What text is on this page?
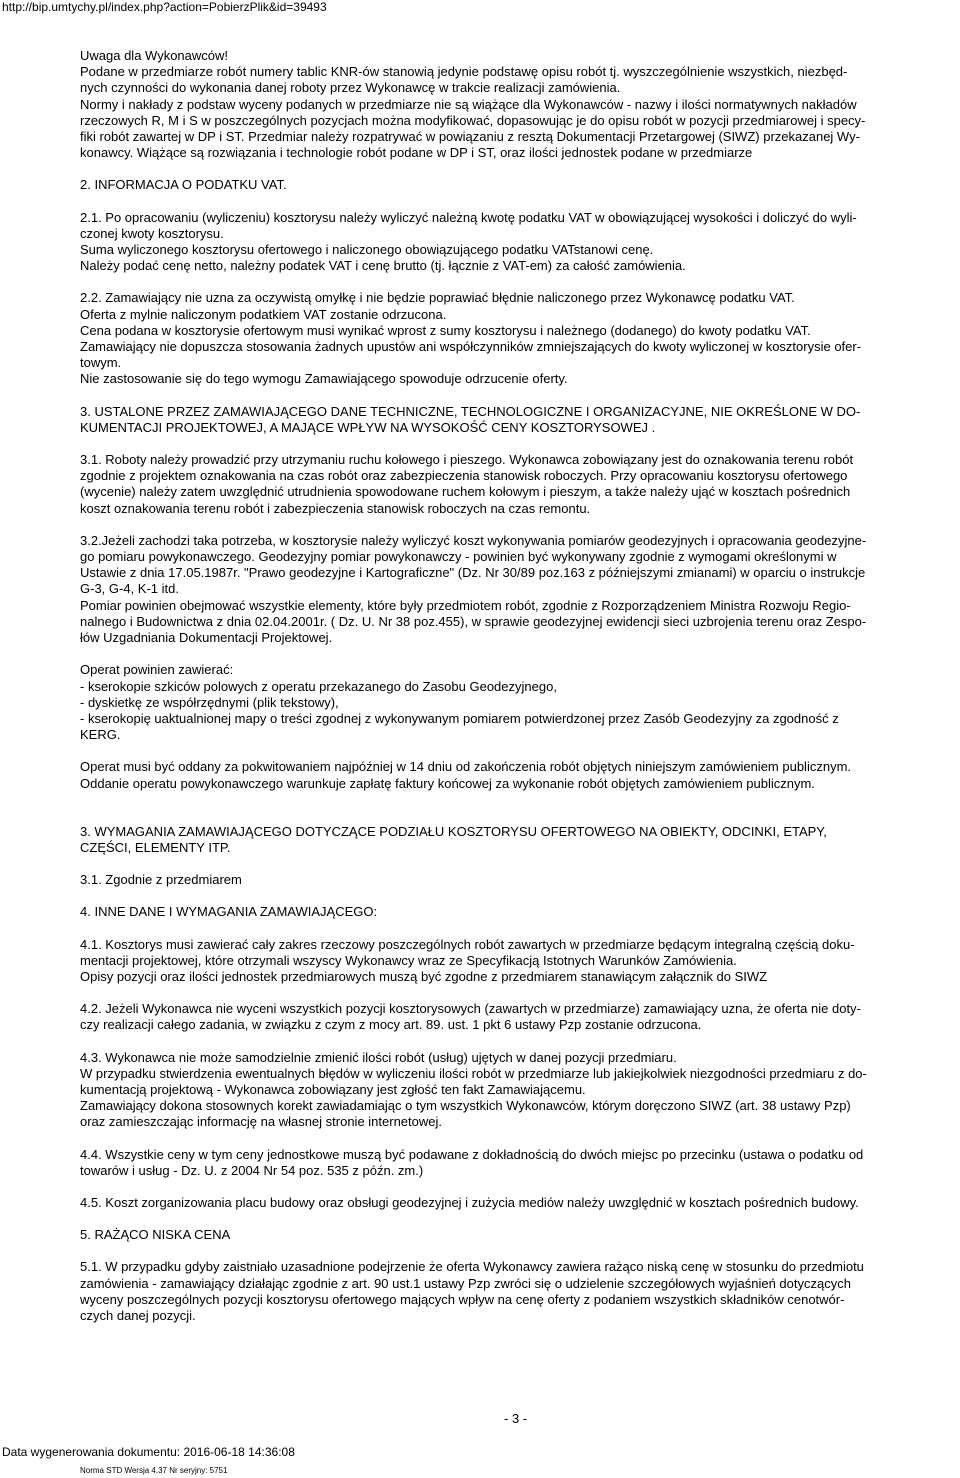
http://bip.umtychy.pl/index.php?action=PobierzPlik&id=39493
Uwaga dla Wykonawców!
Podane w przedmiarze robót numery tablic KNR-ów stanowią jedynie podstawę opisu robót tj. wyszczególnienie wszystkich, niezbęd-
nych czynności do wykonania danej roboty przez Wykonawcę w trakcie realizacji zamówienia.
Normy i nakłady z podstaw wyceny podanych w przedmiarze nie są wiążące dla Wykonawców - nazwy i ilości normatywnych nakładów
rzeczowych R, M i S w poszczególnych pozycjach można modyfikować, dopasowując je do opisu robót w pozycji przedmiarowej i specy-
fiki robót zawartej w DP i ST. Przedmiar należy rozpatrywać w powiązaniu z resztą Dokumentacji Przetargowej (SIWZ) przekazanej Wy-
konawcy. Wiążące są rozwiązania i technologie robót podane w DP i ST, oraz ilości jednostek podane w przedmiarze
2. INFORMACJA O PODATKU VAT.
2.1. Po opracowaniu (wyliczeniu) kosztorysu należy wyliczyć należną kwotę podatku VAT w obowiązującej wysokości i doliczyć do wyli-
czonej kwoty kosztorysu.
Suma wyliczonego kosztorysu ofertowego i naliczonego obowiązującego podatku VATstanowi cenę.
Należy podać cenę netto, należny podatek VAT i cenę brutto (tj. łącznie z VAT-em) za całość zamówienia.
2.2. Zamawiający nie uzna za oczywistą omyłkę i nie będzie poprawiać błędnie naliczonego przez Wykonawcę podatku VAT.
Oferta z mylnie naliczonym podatkiem VAT zostanie odrzucona.
Cena podana w kosztorysie ofertowym musi wynikać wprost z sumy kosztorysu i należnego (dodanego) do kwoty podatku VAT.
Zamawiający nie dopuszcza stosowania żadnych upustów ani współczynników zmniejszających do kwoty wyliczonej w kosztorysie ofer-
towym.
Nie zastosowanie się do tego wymogu Zamawiającego spowoduje odrzucenie oferty.
3. USTALONE PRZEZ ZAMAWIAJĄCEGO DANE TECHNICZNE, TECHNOLOGICZNE I ORGANIZACYJNE, NIE OKREŚLONE W DO-
KUMENTACJI PROJEKTOWEJ, A MAJĄCE WPŁYW NA WYSOKOŚĆ CENY KOSZTORYSOWEJ .
3.1. Roboty należy prowadzić przy utrzymaniu ruchu kołowego i pieszego. Wykonawca zobowiązany jest do oznakowania terenu robót
zgodnie z projektem oznakowania na czas robót oraz zabezpieczenia stanowisk roboczych. Przy opracowaniu kosztorysu ofertowego
(wycenie) należy zatem uwzględnić utrudnienia spowodowane ruchem kołowym i pieszym, a także należy ująć w kosztach pośrednich
koszt oznakowania terenu robót i zabezpieczenia stanowisk roboczych na czas remontu.
3.2.Jeżeli zachodzi taka potrzeba, w kosztorysie należy wyliczyć koszt wykonywania pomiarów geodezyjnych i opracowania geodezyjne-
go pomiaru powykonawczego. Geodezyjny pomiar powykonawczy - powinien być wykonywany zgodnie z wymogami określonymi w
Ustawie z dnia 17.05.1987r. "Prawo geodezyjne i Kartograficzne" (Dz. Nr 30/89 poz.163 z późniejszymi zmianami) w oparciu o instrukcje
G-3, G-4, K-1 itd.
Pomiar powinien obejmować wszystkie elementy, które były przedmiotem robót, zgodnie z Rozporządzeniem Ministra Rozwoju Regio-
nalnego i Budownictwa z dnia 02.04.2001r. ( Dz. U. Nr 38 poz.455), w sprawie geodezyjnej ewidencji sieci uzbrojenia terenu oraz Zespo-
łów Uzgadniania Dokumentacji Projektowej.
Operat powinien zawierać:
- kserokopie szkiców polowych z operatu przekazanego do Zasobu Geodezyjnego,
- dyskietkę ze współrzędnymi (plik tekstowy),
- kserokopię uaktualnionej mapy o treści zgodnej z wykonywanym pomiarem potwierdzonej przez Zasób Geodezyjny za zgodność z
KERG.
Operat musi być oddany za pokwitowaniem najpóźniej w 14 dniu od zakończenia robót objętych niniejszym zamówieniem publicznym.
Oddanie operatu powykonawczego warunkuje zapłatę faktury końcowej za wykonanie robót objętych zamówieniem publicznym.
3. WYMAGANIA ZAMAWIAJĄCEGO DOTYCZĄCE PODZIAŁU KOSZTORYSU OFERTOWEGO NA OBIEKTY, ODCINKI, ETAPY,
CZĘŚCI, ELEMENTY ITP.
3.1. Zgodnie z przedmiarem
4. INNE DANE I WYMAGANIA ZAMAWIAJĄCEGO:
4.1. Kosztorys musi zawierać cały zakres rzeczowy poszczególnych robót zawartych w przedmiarze będącym integralną częścią doku-
mentacji projektowej, które otrzymali wszyscy Wykonawcy wraz ze Specyfikacją Istotnych Warunków Zamówienia.
Opisy pozycji oraz ilości jednostek przedmiarowych muszą być zgodne z przedmiarem stanawiącym załącznik do SIWZ
4.2. Jeżeli Wykonawca nie wyceni wszystkich pozycji kosztorysowych (zawartych w przedmiarze) zamawiający uzna, że oferta nie doty-
czy realizacji całego zadania, w związku z czym z mocy art. 89. ust. 1 pkt 6 ustawy Pzp zostanie odrzucona.
4.3. Wykonawca nie może samodzielnie zmienić ilości robót (usług) ujętych w danej pozycji przedmiaru.
W przypadku stwierdzenia ewentualnych błędów w wyliczeniu ilości robót w przedmiarze lub jakiejkolwiek niezgodności przedmiaru z do-
kumentacją projektową - Wykonawca zobowiązany jest zgłość ten fakt Zamawiającemu.
Zamawiający dokona stosownych korekt zawiadamiając o tym wszystkich Wykonawców, którym doręczono SIWZ (art. 38 ustawy Pzp)
oraz zamieszczając informację na własnej stronie internetowej.
4.4. Wszystkie ceny w tym ceny jednostkowe muszą być podawane z dokładnością do dwóch miejsc po przecinku (ustawa o podatku od
towarów i usług - Dz. U. z 2004 Nr 54 poz. 535 z późn. zm.)
4.5. Koszt zorganizowania placu budowy oraz obsługi geodezyjnej i zużycia mediów należy uwzględnić w kosztach pośrednich budowy.
5. RAŻĄCO NISKA CENA
5.1. W przypadku gdyby zaistniało uzasadnione podejrzenie że oferta Wykonawcy zawiera rażąco niską cenę w stosunku do przedmiotu
zamówienia - zamawiający działając zgodnie z art. 90 ust.1 ustawy Pzp zwróci się o udzielenie szczegółowych wyjaśnień dotyczących
wyceny poszczególnych pozycji kosztorysu ofertowego mających wpływ na cenę oferty z podaniem wszystkich składników cenotwór-
czych danej pozycji.
- 3 -
Data wygenerowania dokumentu: 2016-06-18 14:36:08
Norma STD Wersja 4.37 Nr seryjny: 5751
